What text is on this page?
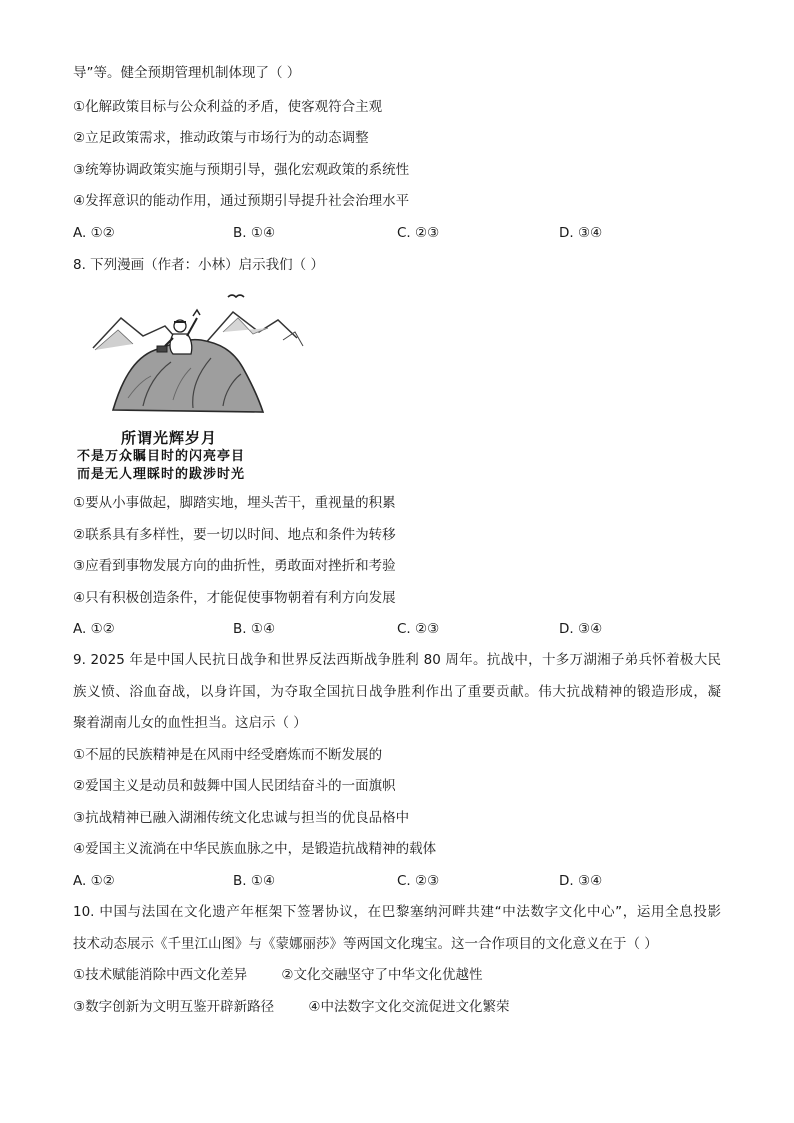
导”等。健全预期管理机制体现了（ ）
①化解政策目标与公众利益的矛盾，使客观符合主观
②立足政策需求，推动政策与市场行为的动态调整
③统筹协调政策实施与预期引导，强化宏观政策的系统性
④发挥意识的能动作用，通过预期引导提升社会治理水平
A. ①②	B. ①④	C. ②③	D. ③④
8. 下列漫画（作者：小林）启示我们（ ）
所谓光辉岁月
不是万众瞩目时的闪亮亭目
而是无人理睬时的跋涉时光
①要从小事做起，脚踏实地，埋头苦干，重视量的积累
②联系具有多样性，要一切以时间、地点和条件为转移
③应看到事物发展方向的曲折性，勇敢面对挫折和考验
④只有积极创造条件，才能促使事物朝着有利方向发展
A. ①②	B. ①④	C. ②③	D. ③④
9. 2025 年是中国人民抗日战争和世界反法西斯战争胜利 80 周年。抗战中，十多万湖湘子弟兵怀着极大民
族义愤、浴血奋战，以身许国，为夺取全国抗日战争胜利作出了重要贡献。伟大抗战精神的锻造形成，凝
聚着湖南儿女的血性担当。这启示（ ）
①不屈的民族精神是在风雨中经受磨炼而不断发展的
②爱国主义是动员和鼓舞中国人民团结奋斗的一面旗帜
③抗战精神已融入湖湘传统文化忠诚与担当的优良品格中
④爱国主义流淌在中华民族血脉之中，是锻造抗战精神的载体
A. ①②	B. ①④	C. ②③	D. ③④
10. 中国与法国在文化遗产年框架下签署协议，在巴黎塞纳河畔共建“中法数字文化中心”，运用全息投影
技术动态展示《千里江山图》与《蒙娜丽莎》等两国文化瑰宝。这一合作项目的文化意义在于（ ）
①技术赋能消除中西文化差异        ②文化交融坚守了中华文化优越性
③数字创新为文明互鉴开辟新路径        ④中法数字文化交流促进文化繁荣
